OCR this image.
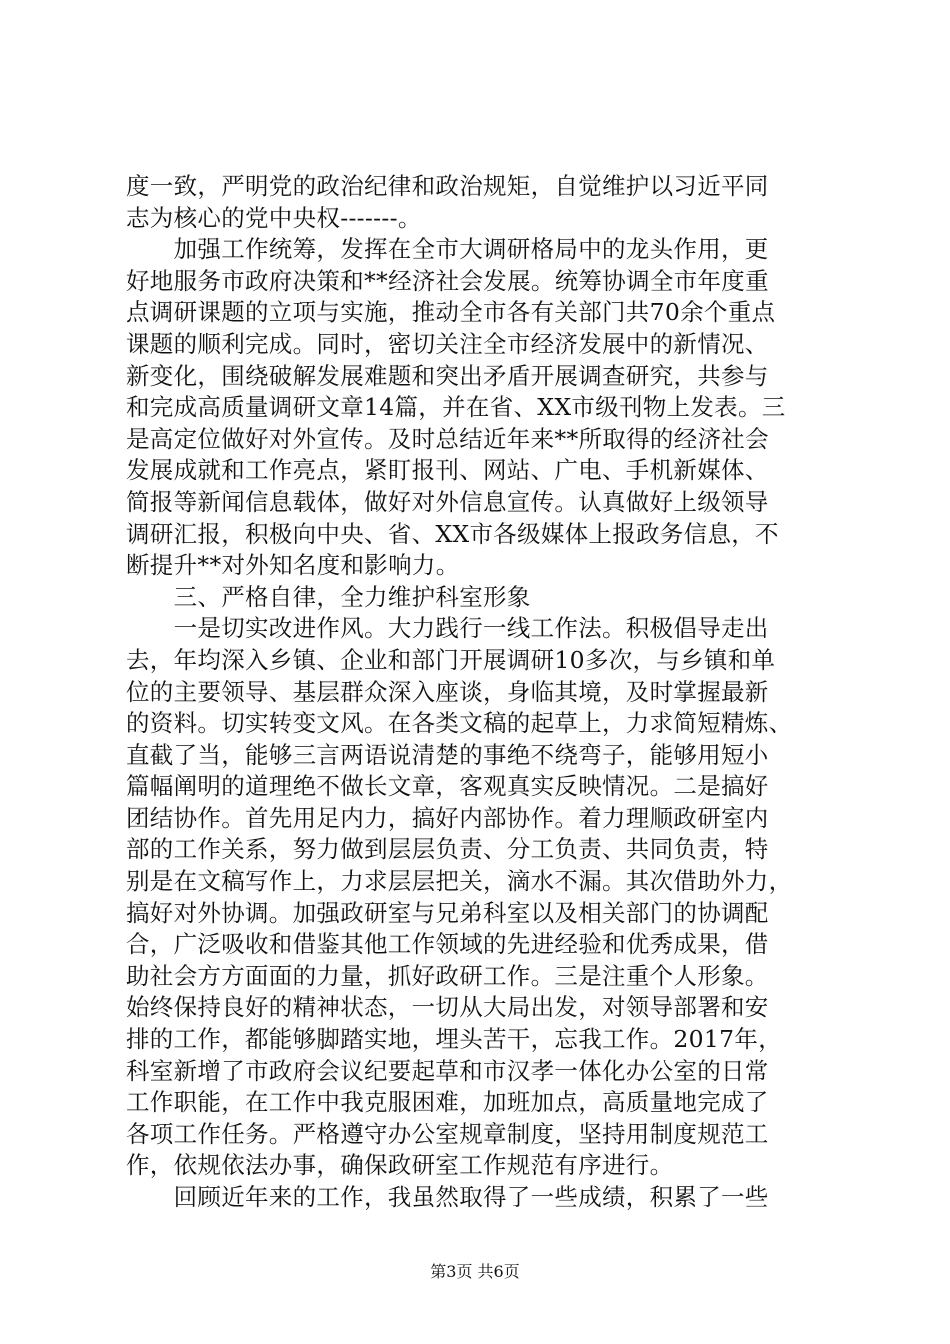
度一致，严明党的政治纪律和政治规矩，自觉维护以习近平同
志为核心的党中央权-------。
　　加强工作统筹，发挥在全市大调研格局中的龙头作用，更
好地服务市政府决策和**经济社会发展。统筹协调全市年度重
点调研课题的立项与实施，推动全市各有关部门共70余个重点
课题的顺利完成。同时，密切关注全市经济发展中的新情况、
新变化，围绕破解发展难题和突出矛盾开展调查研究，共参与
和完成高质量调研文章14篇，并在省、XX市级刊物上发表。三
是高定位做好对外宣传。及时总结近年来**所取得的经济社会
发展成就和工作亮点，紧盯报刊、网站、广电、手机新媒体、
简报等新闻信息载体，做好对外信息宣传。认真做好上级领导
调研汇报，积极向中央、省、XX市各级媒体上报政务信息，不
断提升**对外知名度和影响力。
　　三、严格自律，全力维护科室形象
　　一是切实改进作风。大力践行一线工作法。积极倡导走出
去，年均深入乡镇、企业和部门开展调研10多次，与乡镇和单
位的主要领导、基层群众深入座谈，身临其境，及时掌握最新
的资料。切实转变文风。在各类文稿的起草上，力求简短精炼、
直截了当，能够三言两语说清楚的事绝不绕弯子，能够用短小
篇幅阐明的道理绝不做长文章，客观真实反映情况。二是搞好
团结协作。首先用足内力，搞好内部协作。着力理顺政研室内
部的工作关系，努力做到层层负责、分工负责、共同负责，特
别是在文稿写作上，力求层层把关，滴水不漏。其次借助外力，
搞好对外协调。加强政研室与兄弟科室以及相关部门的协调配
合，广泛吸收和借鉴其他工作领域的先进经验和优秀成果，借
助社会方方面面的力量，抓好政研工作。三是注重个人形象。
始终保持良好的精神状态，一切从大局出发，对领导部署和安
排的工作，都能够脚踏实地，埋头苦干，忘我工作。2017年，
科室新增了市政府会议纪要起草和市汉孝一体化办公室的日常
工作职能，在工作中我克服困难，加班加点，高质量地完成了
各项工作任务。严格遵守办公室规章制度，坚持用制度规范工
作，依规依法办事，确保政研室工作规范有序进行。
　　回顾近年来的工作，我虽然取得了一些成绩，积累了一些
第3页 共6页
